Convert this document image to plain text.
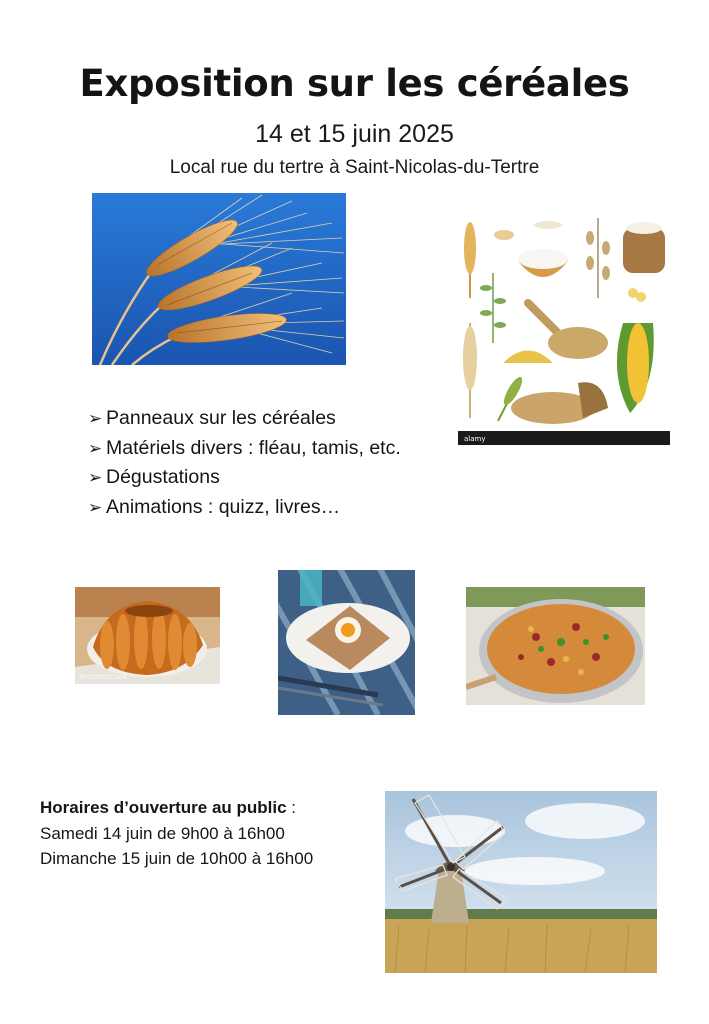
Exposition sur les céréales
14 et 15 juin 2025
Local rue du tertre à Saint-Nicolas-du-Tertre
alamy
➢ Panneaux sur les céréales
➢ Matériels divers : fléau, tamis, etc.
➢ Dégustations
➢ Animations : quizz, livres…
RecettesCook
Horaires d’ouverture au public :
Samedi 14 juin de 9h00 à 16h00
Dimanche 15 juin de 10h00 à 16h00
